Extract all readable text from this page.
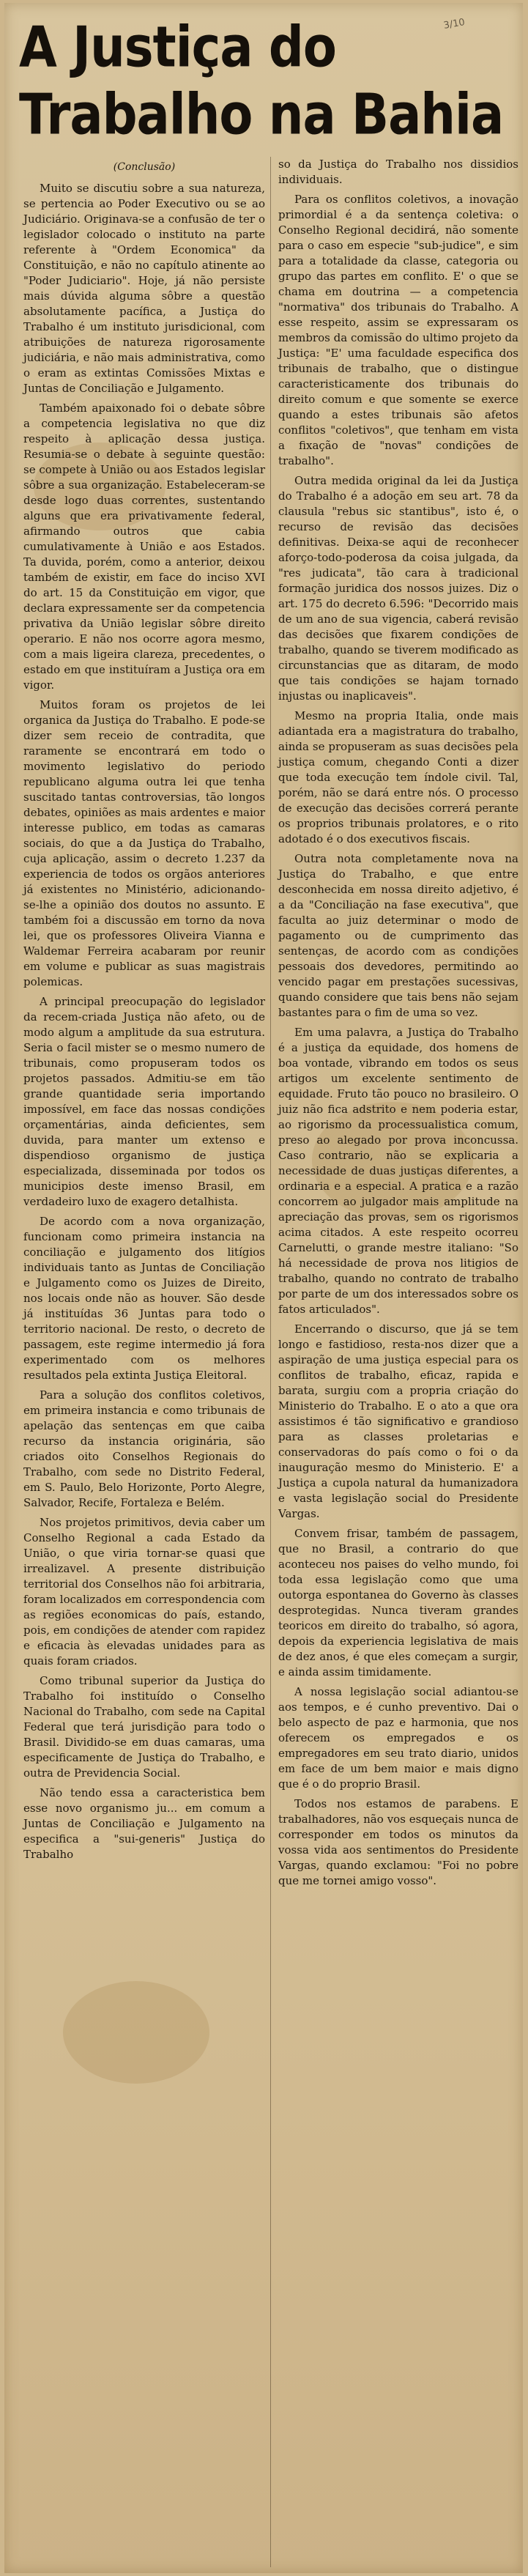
3/10
A Justiça do
Trabalho na Bahia
(Conclusão)

Muito se discutiu sobre a sua natureza, se pertencia ao Poder Executivo ou se ao Judiciário. Originava-se a confusão de ter o legislador colocado o instituto na parte referente à "Ordem Economica" da Constituição, e não no capítulo atinente ao "Poder Judiciario". Hoje, já não persiste mais dúvida alguma sôbre a questão absolutamente pacífica, a Justiça do Trabalho é um instituto jurisdicional, com atribuições de natureza rigorosamente judiciária, e não mais administrativa, como o eram as extintas Comissões Mixtas e Juntas de Conciliação e Julgamento.

Também apaixonado foi o debate sôbre a competencia legislativa no que diz respeito à aplicação dessa justiça. Resumia-se o debate à seguinte questão: se compete à União ou aos Estados legislar sôbre a sua organização. Estabeleceram-se desde logo duas correntes, sustentando alguns que era privativamente federal, afirmando outros que cabia cumulativamente à União e aos Estados. Ta duvida, porém, como a anterior, deixou também de existir, em face do inciso XVI do art. 15 da Constituição em vigor, que declara expressamente ser da competencia privativa da União legislar sôbre direito operario. E não nos ocorre agora mesmo, com a mais ligeira clareza, precedentes, o estado em que instituíram a Justiça ora em vigor.

Muitos foram os projetos de lei organica da Justiça do Trabalho. E pode-se dizer sem receio de contradita, que raramente se encontrará em todo o movimento legislativo do periodo republicano alguma outra lei que tenha suscitado tantas controversias, tão longos debates, opiniões as mais ardentes e maior interesse publico, em todas as camaras sociais, do que a da Justiça do Trabalho, cuja aplicação, assim o decreto 1.237 da experiencia de todos os orgãos anteriores já existentes no Ministério, adicionando-se-lhe a opinião dos doutos no assunto. E também foi a discussão em torno da nova lei, que os professores Oliveira Vianna e Waldemar Ferreira acabaram por reunir em volume e publicar as suas magistrais polemicas.

A principal preocupação do legislador da recem-criada Justiça não afeto, ou de modo algum a amplitude da sua estrutura. Seria o facil mister se o mesmo numero de tribunais, como propuseram todos os projetos passados. Admitiu-se em tão grande quantidade seria importando impossível, em face das nossas condições orçamentárias, ainda deficientes, sem duvida, para manter um extenso e dispendioso organismo de justiça especializada, disseminada por todos os municipios deste imenso Brasil, em verdadeiro luxo de exagero detalhista.

De acordo com a nova organização, funcionam como primeira instancia na conciliação e julgamento dos litígios individuais tanto as Juntas de Conciliação e Julgamento como os Juizes de Direito, nos locais onde não as houver. São desde já instituídas 36 Juntas para todo o territorio nacional. De resto, o decreto de passagem, este regime intermedio já fora experimentado com os melhores resultados pela extinta Justiça Eleitoral.

Para a solução dos conflitos coletivos, em primeira instancia e como tribunais de apelação das sentenças em que caiba recurso da instancia originária, são criados oito Conselhos Regionais do Trabalho, com sede no Distrito Federal, em S. Paulo, Belo Horizonte, Porto Alegre, Salvador, Recife, Fortaleza e Belém.

Nos projetos primitivos, devia caber um Conselho Regional a cada Estado da União, o que viria tornar-se quasi que irrealizavel. A presente distribuição territorial dos Conselhos não foi arbitraria, foram localizados em correspondencia com as regiões economicas do país, estando, pois, em condições de atender com rapidez e eficacia às elevadas unidades para as quais foram criados.

Como tribunal superior da Justiça do Trabalho foi instituído o Conselho Nacional do Trabalho, com sede na Capital Federal que terá jurisdição para todo o Brasil. Dividido-se em duas camaras, uma especificamente de Justiça do Trabalho, e outra de Previdencia Social.

Não tendo essa a caracteristica bem esse novo organismo ju... em comum a Juntas de Conciliação e Julgamento na especifica a "sui-generis" Justiça do Trabalho

so da Justiça do Trabalho nos dissidios individuais.

Para os conflitos coletivos, a inovação primordial é a da sentença coletiva: o Conselho Regional decidirá, não somente para o caso em especie "sub-judice", e sim para a totalidade da classe, categoria ou grupo das partes em conflito. E' o que se chama em doutrina — a competencia "normativa" dos tribunais do Trabalho. A esse respeito, assim se expressaram os membros da comissão do ultimo projeto da Justiça: "E' uma faculdade especifica dos tribunais de trabalho, que o distingue caracteristicamente dos tribunais do direito comum e que somente se exerce quando a estes tribunais são afetos conflitos "coletivos", que tenham em vista a fixação de "novas" condições de trabalho".

Outra medida original da lei da Justiça do Trabalho é a adoção em seu art. 78 da clausula "rebus sic stantibus", isto é, o recurso de revisão das decisões definitivas. Deixa-se aqui de reconhecer aforço-todo-poderosa da coisa julgada, da "res judicata", tão cara à tradicional formação juridica dos nossos juizes. Diz o art. 175 do decreto 6.596: "Decorrido mais de um ano de sua vigencia, caberá revisão das decisões que fixarem condições de trabalho, quando se tiverem modificado as circunstancias que as ditaram, de modo que tais condições se hajam tornado injustas ou inaplicaveis".

Mesmo na propria Italia, onde mais adiantada era a magistratura do trabalho, ainda se propuseram as suas decisões pela justiça comum, chegando Conti a dizer que toda execução tem índole civil. Tal, porém, não se dará entre nós. O processo de execução das decisões correrá perante os proprios tribunais prolatores, e o rito adotado é o dos executivos fiscais.

Outra nota completamente nova na Justiça do Trabalho, e que entre desconhecida em nossa direito adjetivo, é a da "Conciliação na fase executiva", que faculta ao juiz determinar o modo de pagamento ou de cumprimento das sentenças, de acordo com as condições pessoais dos devedores, permitindo ao vencido pagar em prestações sucessivas, quando considere que tais bens não sejam bastantes para o fim de uma so vez.

Em uma palavra, a Justiça do Trabalho é a justiça da equidade, dos homens de boa vontade, vibrando em todos os seus artigos um excelente sentimento de equidade. Fruto tão pouco no brasileiro. O juiz não fica adstrito e nem poderia estar, ao rigorismo da processualistica comum, preso ao alegado por prova inconcussa. Caso contrario, não se explicaria a necessidade de duas justiças diferentes, a ordinaria e a especial. A pratica e a razão concorrem ao julgador mais amplitude na apreciação das provas, sem os rigorismos acima citados. A este respeito ocorreu Carnelutti, o grande mestre italiano: "So há necessidade de prova nos litigios de trabalho, quando no contrato de trabalho por parte de um dos interessados sobre os fatos articulados".

Encerrando o discurso, que já se tem longo e fastidioso, resta-nos dizer que a aspiração de uma justiça especial para os conflitos de trabalho, eficaz, rapida e barata, surgiu com a propria criação do Ministerio do Trabalho. E o ato a que ora assistimos é tão significativo e grandioso para as classes proletarias e conservadoras do país como o foi o da inauguração mesmo do Ministerio. E' a Justiça a cupola natural da humanizadora e vasta legislação social do Presidente Vargas.

Convem frisar, também de passagem, que no Brasil, a contrario do que aconteceu nos paises do velho mundo, foi toda essa legislação como que uma outorga espontanea do Governo às classes desprotegidas. Nunca tiveram grandes teoricos em direito do trabalho, só agora, depois da experiencia legislativa de mais de dez anos, é que eles começam a surgir, e ainda assim timidamente.

A nossa legislação social adiantou-se aos tempos, e é cunho preventivo. Dai o belo aspecto de paz e harmonia, que nos oferecem os empregados e os empregadores em seu trato diario, unidos em face de um bem maior e mais digno que é o do proprio Brasil.

Todos nos estamos de parabens. E trabalhadores, não vos esqueçais nunca de corresponder em todos os minutos da vossa vida aos sentimentos do Presidente Vargas, quando exclamou: "Foi no pobre que me tornei amigo vosso".
